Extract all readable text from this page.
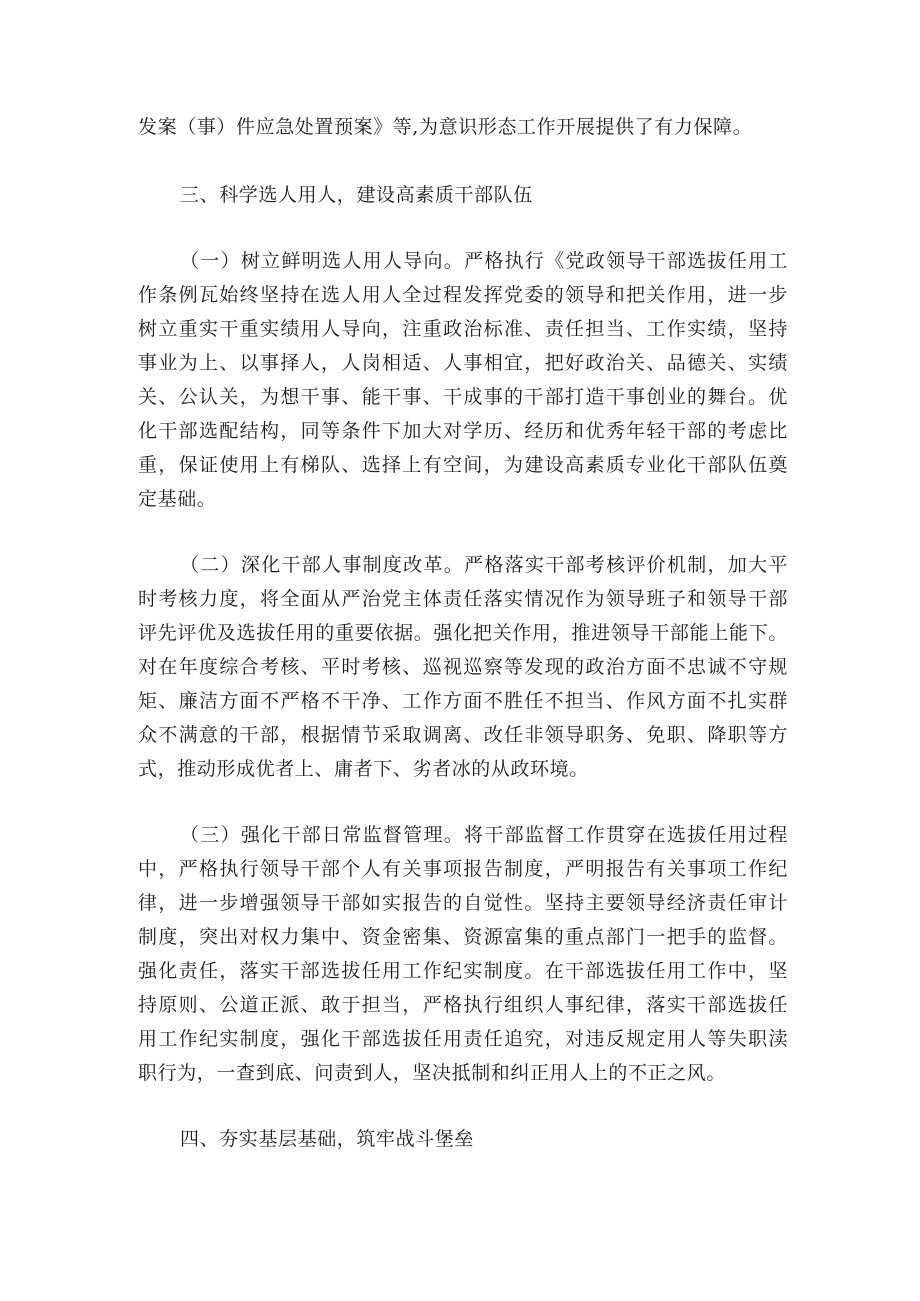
发案（事）件应急处置预案》等,为意识形态工作开展提供了有力保障。
三、科学选人用人，建设高素质干部队伍
（一）树立鲜明选人用人导向。严格执行《党政领导干部选拔任用工
作条例瓦始终坚持在选人用人全过程发挥党委的领导和把关作用，进一步
树立重实干重实绩用人导向，注重政治标准、责任担当、工作实绩，坚持
事业为上、以事择人，人岗相适、人事相宜，把好政治关、品德关、实绩
关、公认关，为想干事、能干事、干成事的干部打造干事创业的舞台。优
化干部选配结构，同等条件下加大对学历、经历和优秀年轻干部的考虑比
重，保证使用上有梯队、选择上有空间，为建设高素质专业化干部队伍奠
定基础。
（二）深化干部人事制度改革。严格落实干部考核评价机制，加大平
时考核力度，将全面从严治党主体责任落实情况作为领导班子和领导干部
评先评优及选拔任用的重要依据。强化把关作用，推进领导干部能上能下。
对在年度综合考核、平时考核、巡视巡察等发现的政治方面不忠诚不守规
矩、廉洁方面不严格不干净、工作方面不胜任不担当、作风方面不扎实群
众不满意的干部，根据情节采取调离、改任非领导职务、免职、降职等方
式，推动形成优者上、庸者下、劣者冰的从政环境。
（三）强化干部日常监督管理。将干部监督工作贯穿在选拔任用过程
中，严格执行领导干部个人有关事项报告制度，严明报告有关事项工作纪
律，进一步增强领导干部如实报告的自觉性。坚持主要领导经济责任审计
制度，突出对权力集中、资金密集、资源富集的重点部门一把手的监督。
强化责任，落实干部选拔任用工作纪实制度。在干部选拔任用工作中，坚
持原则、公道正派、敢于担当，严格执行组织人事纪律，落实干部选拔任
用工作纪实制度，强化干部选拔任用责任追究，对违反规定用人等失职渎
职行为，一查到底、问责到人，坚决抵制和纠正用人上的不正之风。
四、夯实基层基础，筑牢战斗堡垒
